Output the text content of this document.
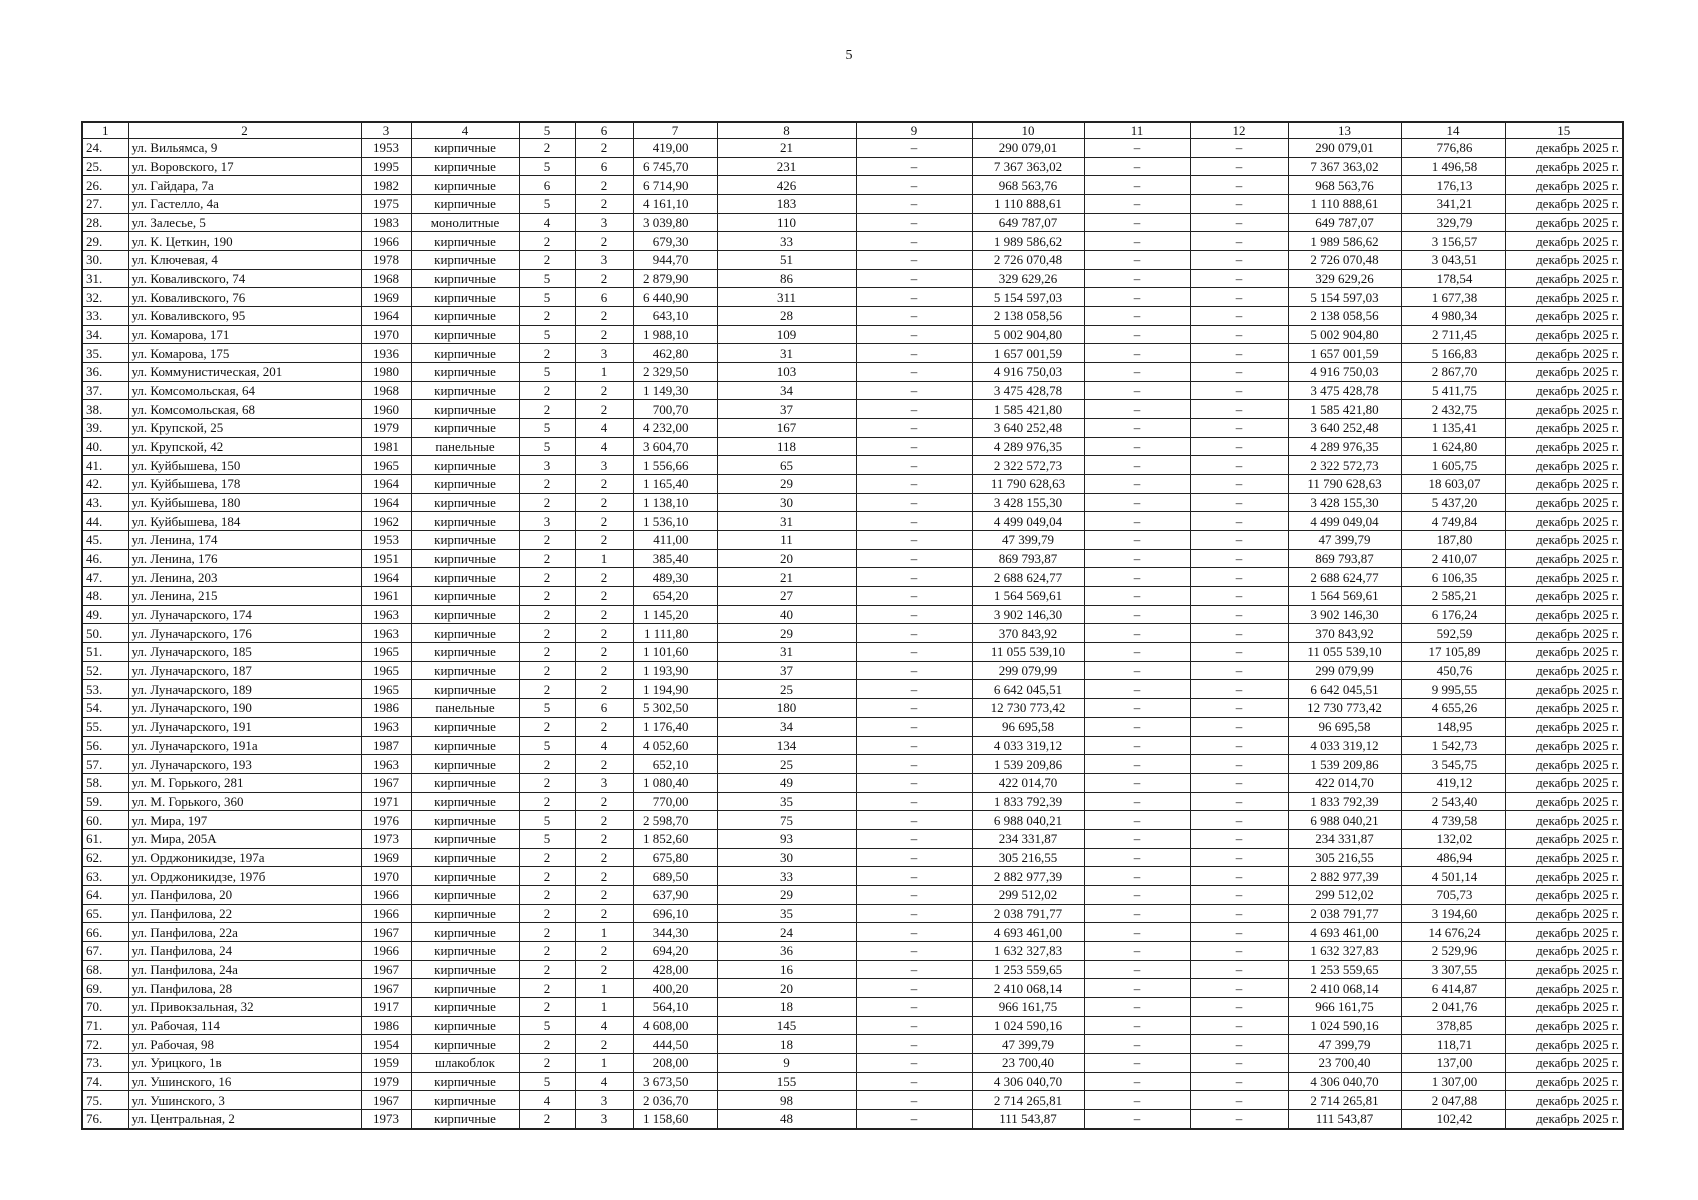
5
1	2	3	4	5	6	7	8	9	10	11	12	13	14	15
24.	ул. Вильямса, 9	1953	кирпичные	2	2	419,00	21	–	290 079,01	–	–	290 079,01	776,86	декабрь 2025 г.
25.	ул. Воровского, 17	1995	кирпичные	5	6	6 745,70	231	–	7 367 363,02	–	–	7 367 363,02	1 496,58	декабрь 2025 г.
26.	ул. Гайдара, 7а	1982	кирпичные	6	2	6 714,90	426	–	968 563,76	–	–	968 563,76	176,13	декабрь 2025 г.
27.	ул. Гастелло, 4а	1975	кирпичные	5	2	4 161,10	183	–	1 110 888,61	–	–	1 110 888,61	341,21	декабрь 2025 г.
28.	ул. Залесье, 5	1983	монолитные	4	3	3 039,80	110	–	649 787,07	–	–	649 787,07	329,79	декабрь 2025 г.
29.	ул. К. Цеткин, 190	1966	кирпичные	2	2	679,30	33	–	1 989 586,62	–	–	1 989 586,62	3 156,57	декабрь 2025 г.
30.	ул. Ключевая, 4	1978	кирпичные	2	3	944,70	51	–	2 726 070,48	–	–	2 726 070,48	3 043,51	декабрь 2025 г.
31.	ул. Коваливского, 74	1968	кирпичные	5	2	2 879,90	86	–	329 629,26	–	–	329 629,26	178,54	декабрь 2025 г.
32.	ул. Коваливского, 76	1969	кирпичные	5	6	6 440,90	311	–	5 154 597,03	–	–	5 154 597,03	1 677,38	декабрь 2025 г.
33.	ул. Коваливского, 95	1964	кирпичные	2	2	643,10	28	–	2 138 058,56	–	–	2 138 058,56	4 980,34	декабрь 2025 г.
34.	ул. Комарова, 171	1970	кирпичные	5	2	1 988,10	109	–	5 002 904,80	–	–	5 002 904,80	2 711,45	декабрь 2025 г.
35.	ул. Комарова, 175	1936	кирпичные	2	3	462,80	31	–	1 657 001,59	–	–	1 657 001,59	5 166,83	декабрь 2025 г.
36.	ул. Коммунистическая, 201	1980	кирпичные	5	1	2 329,50	103	–	4 916 750,03	–	–	4 916 750,03	2 867,70	декабрь 2025 г.
37.	ул. Комсомольская, 64	1968	кирпичные	2	2	1 149,30	34	–	3 475 428,78	–	–	3 475 428,78	5 411,75	декабрь 2025 г.
38.	ул. Комсомольская, 68	1960	кирпичные	2	2	700,70	37	–	1 585 421,80	–	–	1 585 421,80	2 432,75	декабрь 2025 г.
39.	ул. Крупской, 25	1979	кирпичные	5	4	4 232,00	167	–	3 640 252,48	–	–	3 640 252,48	1 135,41	декабрь 2025 г.
40.	ул. Крупской, 42	1981	панельные	5	4	3 604,70	118	–	4 289 976,35	–	–	4 289 976,35	1 624,80	декабрь 2025 г.
41.	ул. Куйбышева, 150	1965	кирпичные	3	3	1 556,66	65	–	2 322 572,73	–	–	2 322 572,73	1 605,75	декабрь 2025 г.
42.	ул. Куйбышева, 178	1964	кирпичные	2	2	1 165,40	29	–	11 790 628,63	–	–	11 790 628,63	18 603,07	декабрь 2025 г.
43.	ул. Куйбышева, 180	1964	кирпичные	2	2	1 138,10	30	–	3 428 155,30	–	–	3 428 155,30	5 437,20	декабрь 2025 г.
44.	ул. Куйбышева, 184	1962	кирпичные	3	2	1 536,10	31	–	4 499 049,04	–	–	4 499 049,04	4 749,84	декабрь 2025 г.
45.	ул. Ленина, 174	1953	кирпичные	2	2	411,00	11	–	47 399,79	–	–	47 399,79	187,80	декабрь 2025 г.
46.	ул. Ленина, 176	1951	кирпичные	2	1	385,40	20	–	869 793,87	–	–	869 793,87	2 410,07	декабрь 2025 г.
47.	ул. Ленина, 203	1964	кирпичные	2	2	489,30	21	–	2 688 624,77	–	–	2 688 624,77	6 106,35	декабрь 2025 г.
48.	ул. Ленина, 215	1961	кирпичные	2	2	654,20	27	–	1 564 569,61	–	–	1 564 569,61	2 585,21	декабрь 2025 г.
49.	ул. Луначарского, 174	1963	кирпичные	2	2	1 145,20	40	–	3 902 146,30	–	–	3 902 146,30	6 176,24	декабрь 2025 г.
50.	ул. Луначарского, 176	1963	кирпичные	2	2	1 111,80	29	–	370 843,92	–	–	370 843,92	592,59	декабрь 2025 г.
51.	ул. Луначарского, 185	1965	кирпичные	2	2	1 101,60	31	–	11 055 539,10	–	–	11 055 539,10	17 105,89	декабрь 2025 г.
52.	ул. Луначарского, 187	1965	кирпичные	2	2	1 193,90	37	–	299 079,99	–	–	299 079,99	450,76	декабрь 2025 г.
53.	ул. Луначарского, 189	1965	кирпичные	2	2	1 194,90	25	–	6 642 045,51	–	–	6 642 045,51	9 995,55	декабрь 2025 г.
54.	ул. Луначарского, 190	1986	панельные	5	6	5 302,50	180	–	12 730 773,42	–	–	12 730 773,42	4 655,26	декабрь 2025 г.
55.	ул. Луначарского, 191	1963	кирпичные	2	2	1 176,40	34	–	96 695,58	–	–	96 695,58	148,95	декабрь 2025 г.
56.	ул. Луначарского, 191а	1987	кирпичные	5	4	4 052,60	134	–	4 033 319,12	–	–	4 033 319,12	1 542,73	декабрь 2025 г.
57.	ул. Луначарского, 193	1963	кирпичные	2	2	652,10	25	–	1 539 209,86	–	–	1 539 209,86	3 545,75	декабрь 2025 г.
58.	ул. М. Горького, 281	1967	кирпичные	2	3	1 080,40	49	–	422 014,70	–	–	422 014,70	419,12	декабрь 2025 г.
59.	ул. М. Горького, 360	1971	кирпичные	2	2	770,00	35	–	1 833 792,39	–	–	1 833 792,39	2 543,40	декабрь 2025 г.
60.	ул. Мира, 197	1976	кирпичные	5	2	2 598,70	75	–	6 988 040,21	–	–	6 988 040,21	4 739,58	декабрь 2025 г.
61.	ул. Мира, 205А	1973	кирпичные	5	2	1 852,60	93	–	234 331,87	–	–	234 331,87	132,02	декабрь 2025 г.
62.	ул. Орджоникидзе, 197а	1969	кирпичные	2	2	675,80	30	–	305 216,55	–	–	305 216,55	486,94	декабрь 2025 г.
63.	ул. Орджоникидзе, 197б	1970	кирпичные	2	2	689,50	33	–	2 882 977,39	–	–	2 882 977,39	4 501,14	декабрь 2025 г.
64.	ул. Панфилова, 20	1966	кирпичные	2	2	637,90	29	–	299 512,02	–	–	299 512,02	705,73	декабрь 2025 г.
65.	ул. Панфилова, 22	1966	кирпичные	2	2	696,10	35	–	2 038 791,77	–	–	2 038 791,77	3 194,60	декабрь 2025 г.
66.	ул. Панфилова, 22а	1967	кирпичные	2	1	344,30	24	–	4 693 461,00	–	–	4 693 461,00	14 676,24	декабрь 2025 г.
67.	ул. Панфилова, 24	1966	кирпичные	2	2	694,20	36	–	1 632 327,83	–	–	1 632 327,83	2 529,96	декабрь 2025 г.
68.	ул. Панфилова, 24а	1967	кирпичные	2	2	428,00	16	–	1 253 559,65	–	–	1 253 559,65	3 307,55	декабрь 2025 г.
69.	ул. Панфилова, 28	1967	кирпичные	2	1	400,20	20	–	2 410 068,14	–	–	2 410 068,14	6 414,87	декабрь 2025 г.
70.	ул. Привокзальная, 32	1917	кирпичные	2	1	564,10	18	–	966 161,75	–	–	966 161,75	2 041,76	декабрь 2025 г.
71.	ул. Рабочая, 114	1986	кирпичные	5	4	4 608,00	145	–	1 024 590,16	–	–	1 024 590,16	378,85	декабрь 2025 г.
72.	ул. Рабочая, 98	1954	кирпичные	2	2	444,50	18	–	47 399,79	–	–	47 399,79	118,71	декабрь 2025 г.
73.	ул. Урицкого, 1в	1959	шлакоблок	2	1	208,00	9	–	23 700,40	–	–	23 700,40	137,00	декабрь 2025 г.
74.	ул. Ушинского, 16	1979	кирпичные	5	4	3 673,50	155	–	4 306 040,70	–	–	4 306 040,70	1 307,00	декабрь 2025 г.
75.	ул. Ушинского, 3	1967	кирпичные	4	3	2 036,70	98	–	2 714 265,81	–	–	2 714 265,81	2 047,88	декабрь 2025 г.
76.	ул. Центральная, 2	1973	кирпичные	2	3	1 158,60	48	–	111 543,87	–	–	111 543,87	102,42	декабрь 2025 г.
